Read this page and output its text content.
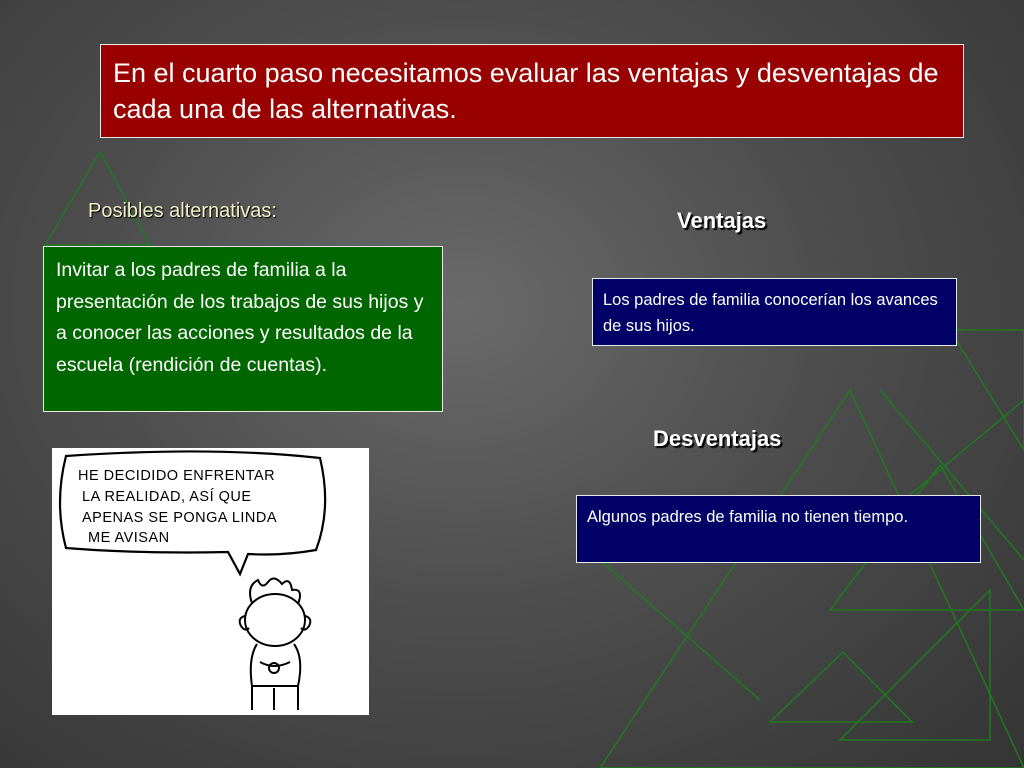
En el cuarto paso necesitamos evaluar las ventajas y desventajas de cada una de las alternativas.
Posibles alternativas:
Invitar a los padres de familia a la presentación de los trabajos de sus hijos y a conocer las acciones y resultados de la escuela (rendición de cuentas).
Ventajas
Los padres de familia conocerían los avances de sus hijos.
Desventajas
Algunos padres de familia no tienen tiempo.
HE DECIDIDO ENFRENTAR
LA REALIDAD, ASÍ QUE
APENAS SE PONGA LINDA
ME AVISAN
